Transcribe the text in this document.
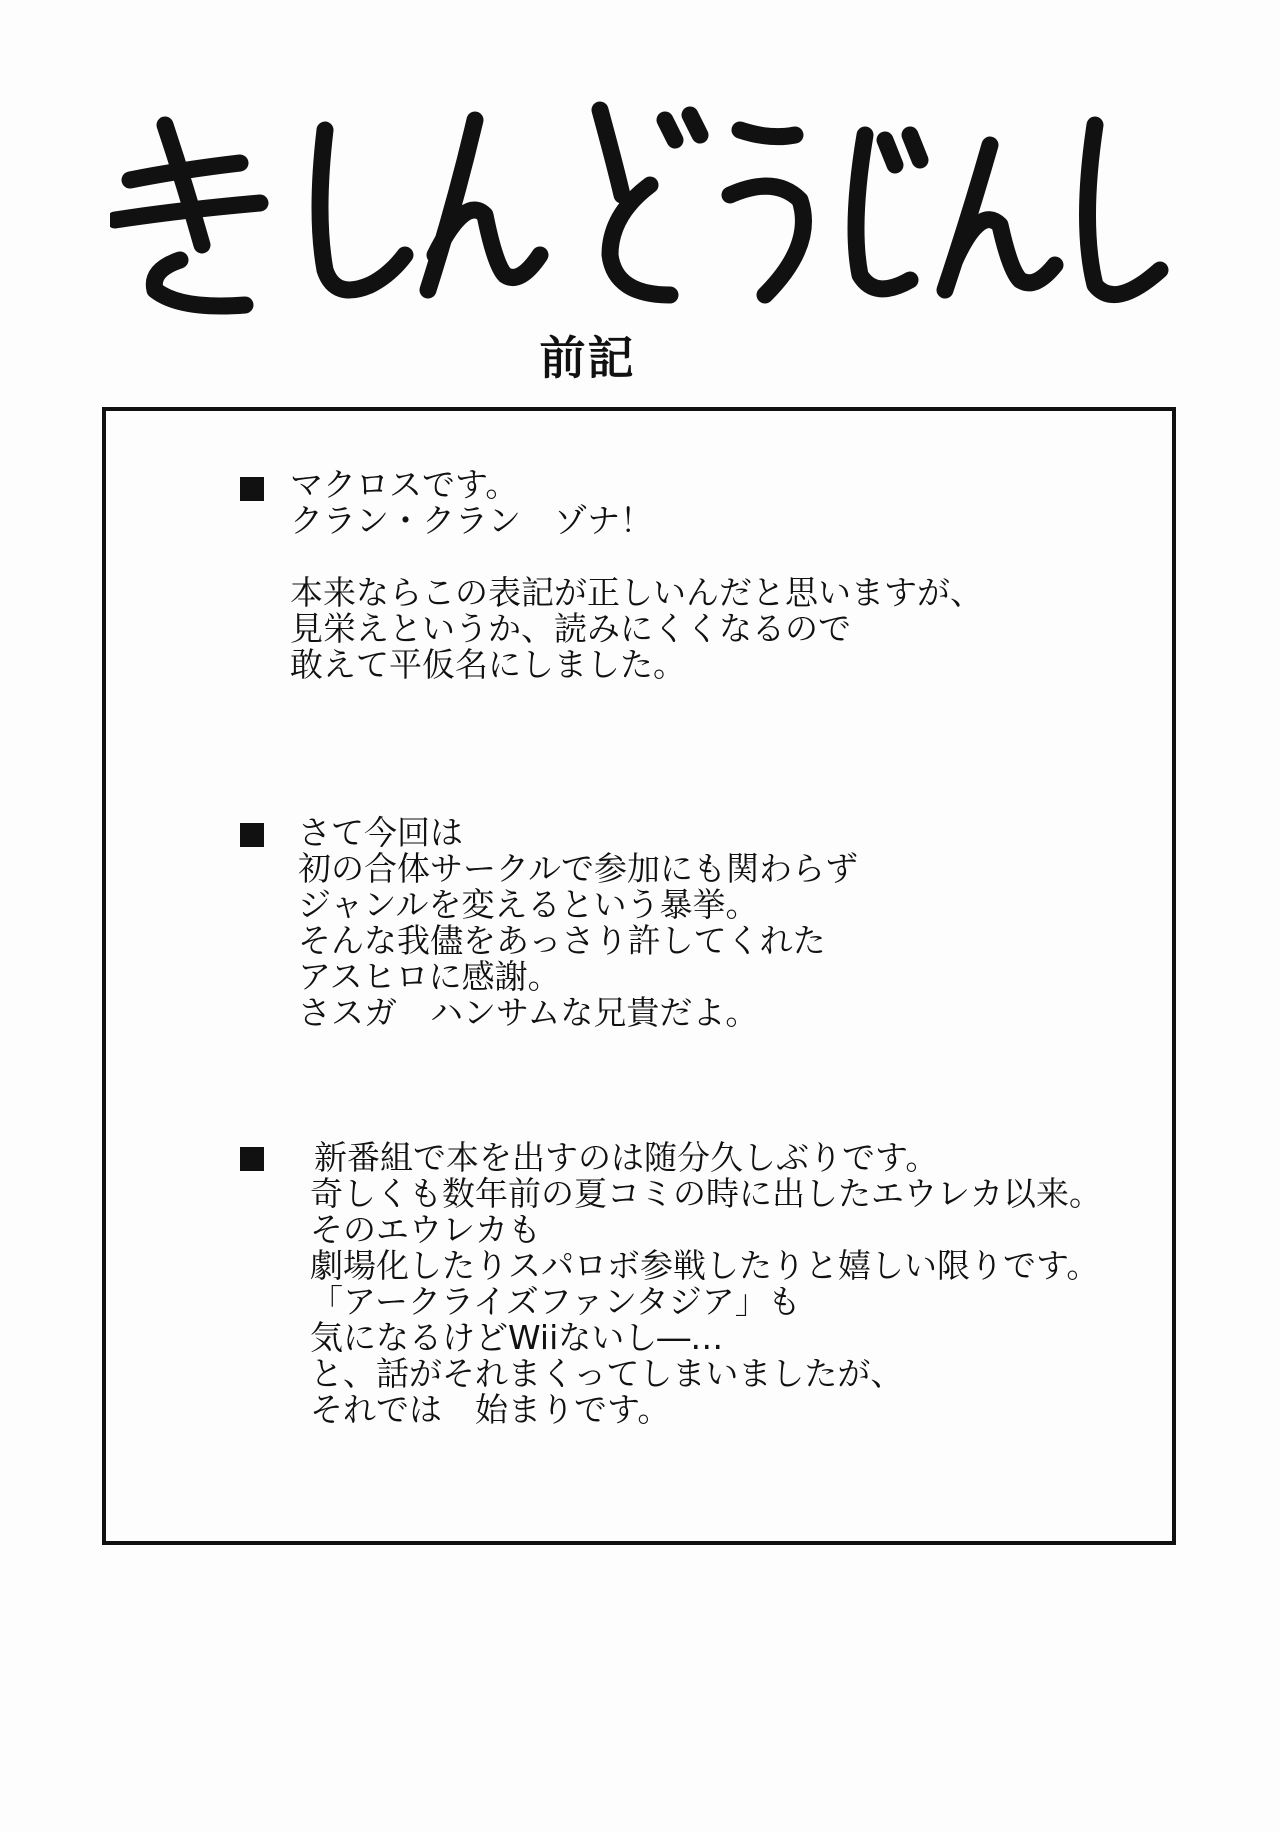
前記
マクロスです。
クラン・クラン　ゾナ！
本来ならこの表記が正しいんだと思いますが、
見栄えというか、読みにくくなるので
敢えて平仮名にしました。
さて今回は
初の合体サークルで参加にも関わらず
ジャンルを変えるという暴挙。
そんな我儘をあっさり許してくれた
アスヒロに感謝。
さスガ　ハンサムな兄貴だよ。
新番組で本を出すのは随分久しぶりです。
奇しくも数年前の夏コミの時に出したエウレカ以来。
そのエウレカも
劇場化したりスパロボ参戦したりと嬉しい限りです。
「アークライズファンタジア」も
気になるけどWiiないし―…
と、話がそれまくってしまいましたが、
それでは　始まりです。
